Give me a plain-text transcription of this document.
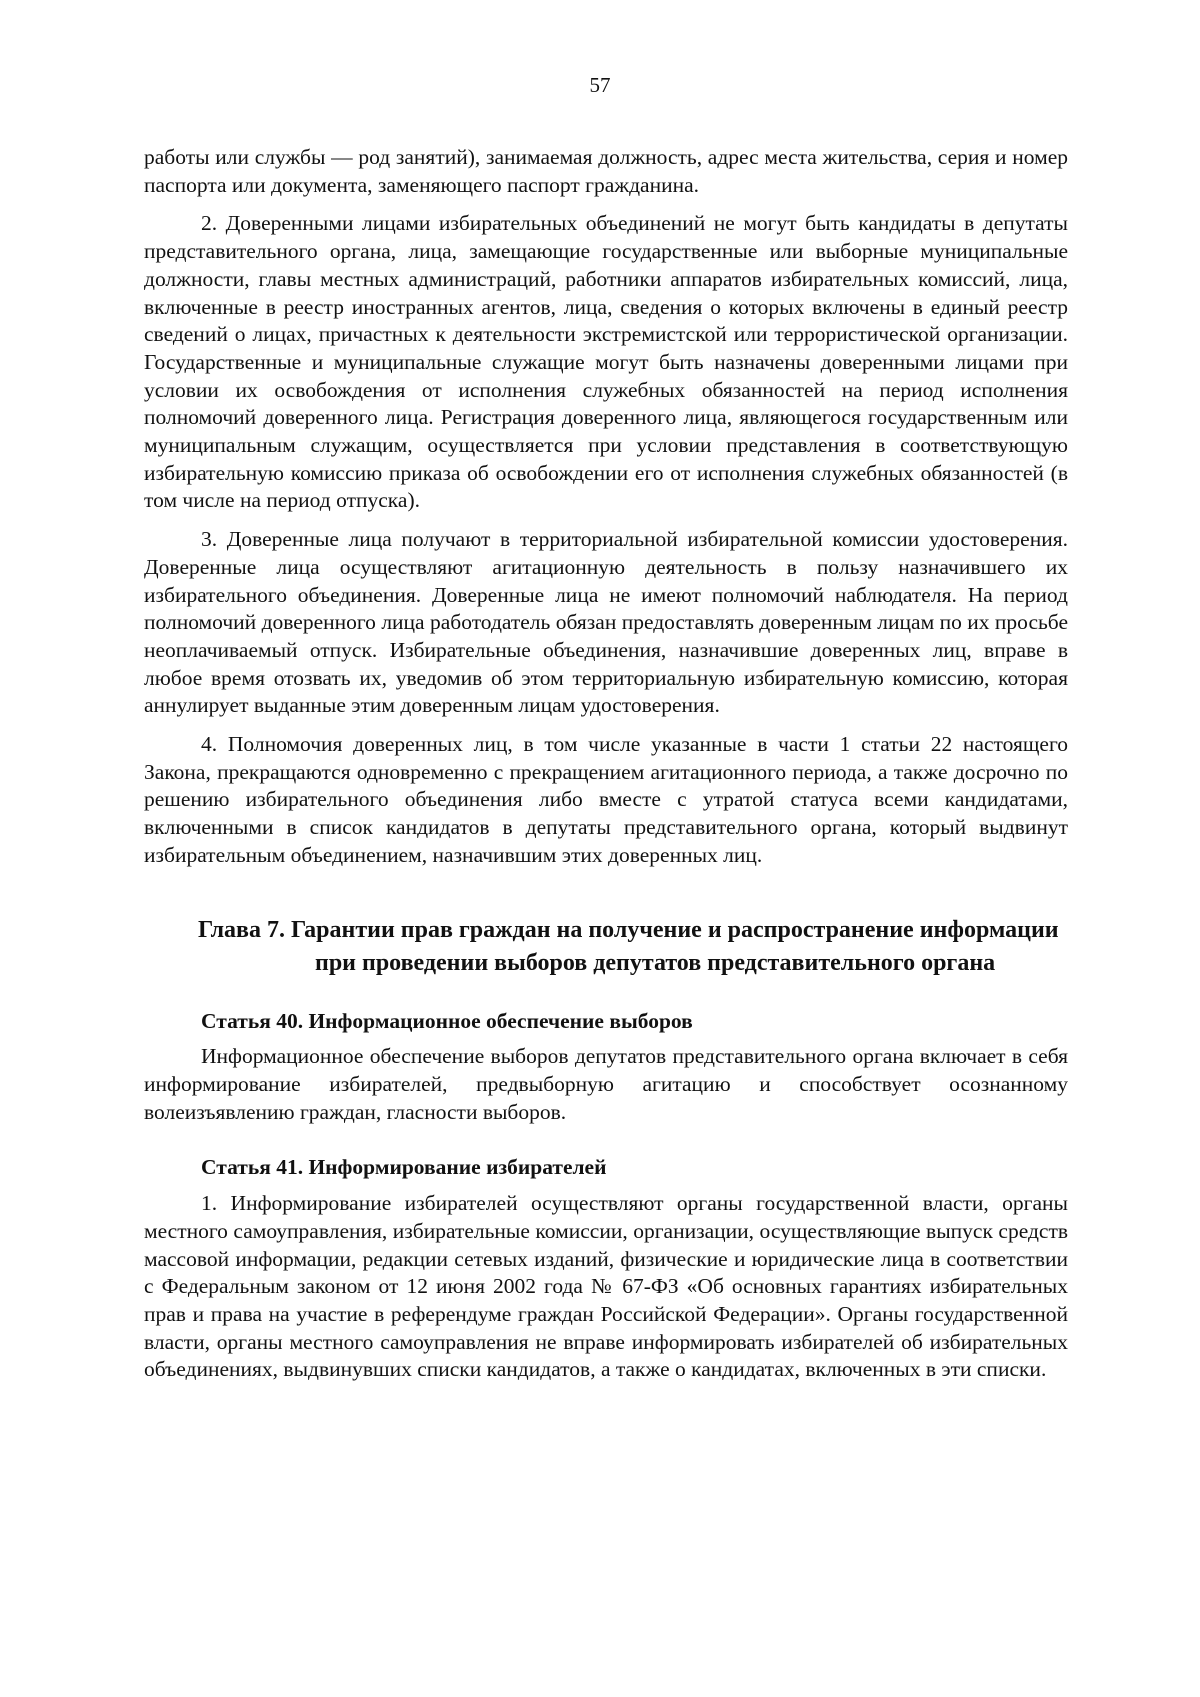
57

работы или службы — род занятий), занимаемая должность, адрес места жительства, серия и номер паспорта или документа, заменяющего паспорт гражданина.

2. Доверенными лицами избирательных объединений не могут быть кандидаты в депутаты представительного органа, лица, замещающие государственные или выборные муниципальные должности, главы местных администраций, работники аппаратов избирательных комиссий, лица, включенные в реестр иностранных агентов, лица, сведения о которых включены в единый реестр сведений о лицах, причастных к деятельности экстремистской или террористической организации. Государственные и муниципальные служащие могут быть назначены доверенными лицами при условии их освобождения от исполнения служебных обязанностей на период исполнения полномочий доверенного лица. Регистрация доверенного лица, являющегося государственным или муниципальным служащим, осуществляется при условии представления в соответствующую избирательную комиссию приказа об освобождении его от исполнения служебных обязанностей (в том числе на период отпуска).

3. Доверенные лица получают в территориальной избирательной комиссии удостоверения. Доверенные лица осуществляют агитационную деятельность в пользу назначившего их избирательного объединения. Доверенные лица не имеют полномочий наблюдателя. На период полномочий доверенного лица работодатель обязан предоставлять доверенным лицам по их просьбе неоплачиваемый отпуск. Избирательные объединения, назначившие доверенных лиц, вправе в любое время отозвать их, уведомив об этом территориальную избирательную комиссию, которая аннулирует выданные этим доверенным лицам удостоверения.

4. Полномочия доверенных лиц, в том числе указанные в части 1 статьи 22 настоящего Закона, прекращаются одновременно с прекращением агитационного периода, а также досрочно по решению избирательного объединения либо вместе с утратой статуса всеми кандидатами, включенными в список кандидатов в депутаты представительного органа, который выдвинут избирательным объединением, назначившим этих доверенных лиц.

Глава 7. Гарантии прав граждан на получение и распространение информации при проведении выборов депутатов представительного органа
Статья 40. Информационное обеспечение выборов

Информационное обеспечение выборов депутатов представительного органа включает в себя информирование избирателей, предвыборную агитацию и способствует осознанному волеизъявлению граждан, гласности выборов.

Статья 41. Информирование избирателей

1. Информирование избирателей осуществляют органы государственной власти, органы местного самоуправления, избирательные комиссии, организации, осуществляющие выпуск средств массовой информации, редакции сетевых изданий, физические и юридические лица в соответствии с Федеральным законом от 12 июня 2002 года № 67-ФЗ «Об основных гарантиях избирательных прав и права на участие в референдуме граждан Российской Федерации». Органы государственной власти, органы местного самоуправления не вправе информировать избирателей об избирательных объединениях, выдвинувших списки кандидатов, а также о кандидатах, включенных в эти списки.
